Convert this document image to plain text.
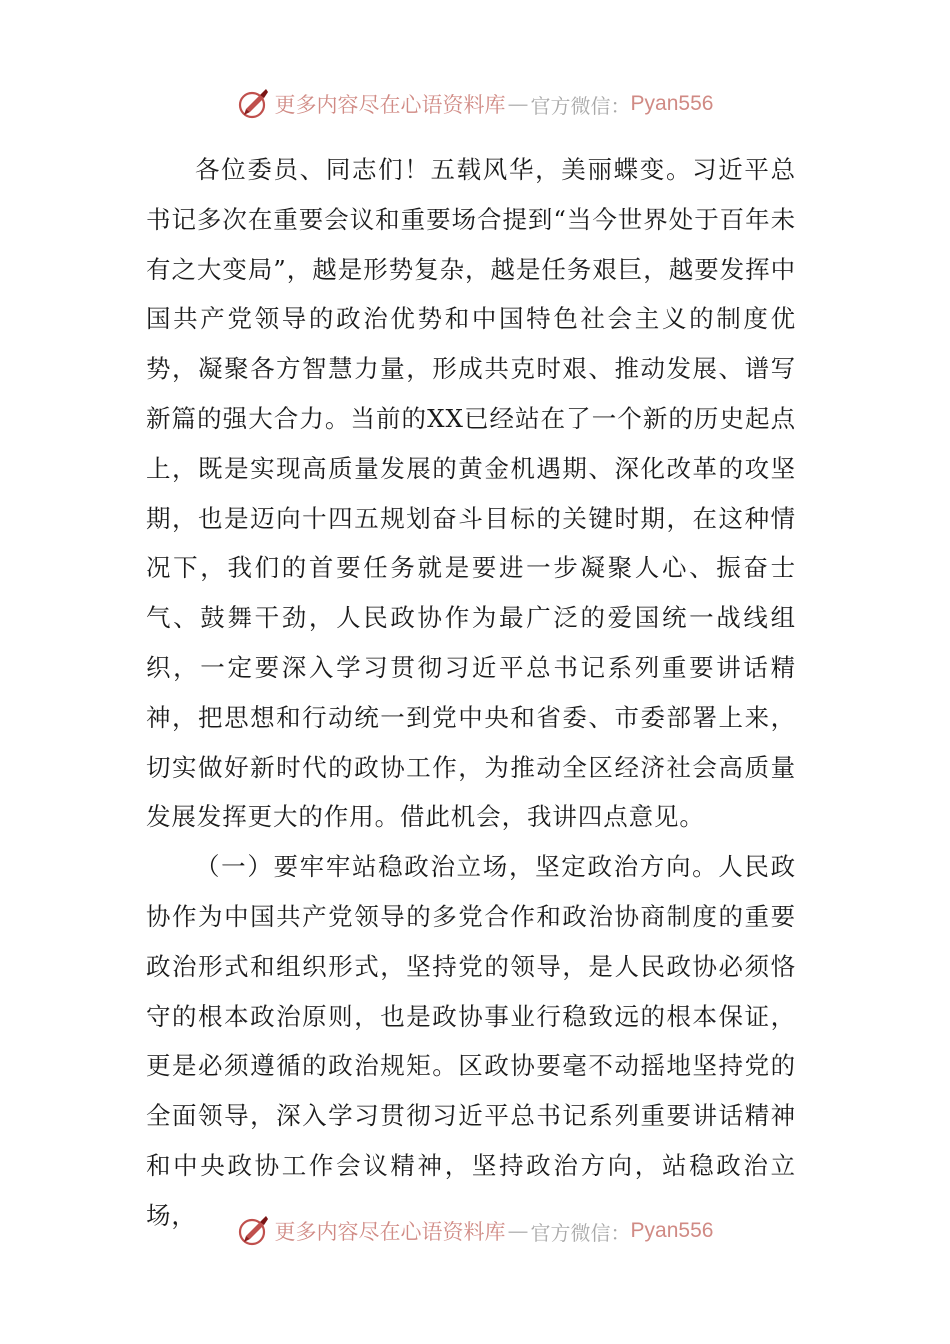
更多内容尽在心语资料库 — 官方微信： Pyan556

各位委员、同志们！五载风华，美丽蝶变。习近平总书记多次在重要会议和重要场合提到“当今世界处于百年未有之大变局”，越是形势复杂，越是任务艰巨，越要发挥中国共产党领导的政治优势和中国特色社会主义的制度优势，凝聚各方智慧力量，形成共克时艰、推动发展、谱写新篇的强大合力。当前的XX已经站在了一个新的历史起点上，既是实现高质量发展的黄金机遇期、深化改革的攻坚期，也是迈向十四五规划奋斗目标的关键时期，在这种情况下，我们的首要任务就是要进一步凝聚人心、振奋士气、鼓舞干劲，人民政协作为最广泛的爱国统一战线组织，一定要深入学习贯彻习近平总书记系列重要讲话精神，把思想和行动统一到党中央和省委、市委部署上来，切实做好新时代的政协工作，为推动全区经济社会高质量发展发挥更大的作用。借此机会，我讲四点意见。

（一）要牢牢站稳政治立场，坚定政治方向。人民政协作为中国共产党领导的多党合作和政治协商制度的重要政治形式和组织形式，坚持党的领导，是人民政协必须恪守的根本政治原则，也是政协事业行稳致远的根本保证，更是必须遵循的政治规矩。区政协要毫不动摇地坚持党的全面领导，深入学习贯彻习近平总书记系列重要讲话精神和中央政协工作会议精神，坚持政治方向，站稳政治立场，

更多内容尽在心语资料库 — 官方微信： Pyan556
